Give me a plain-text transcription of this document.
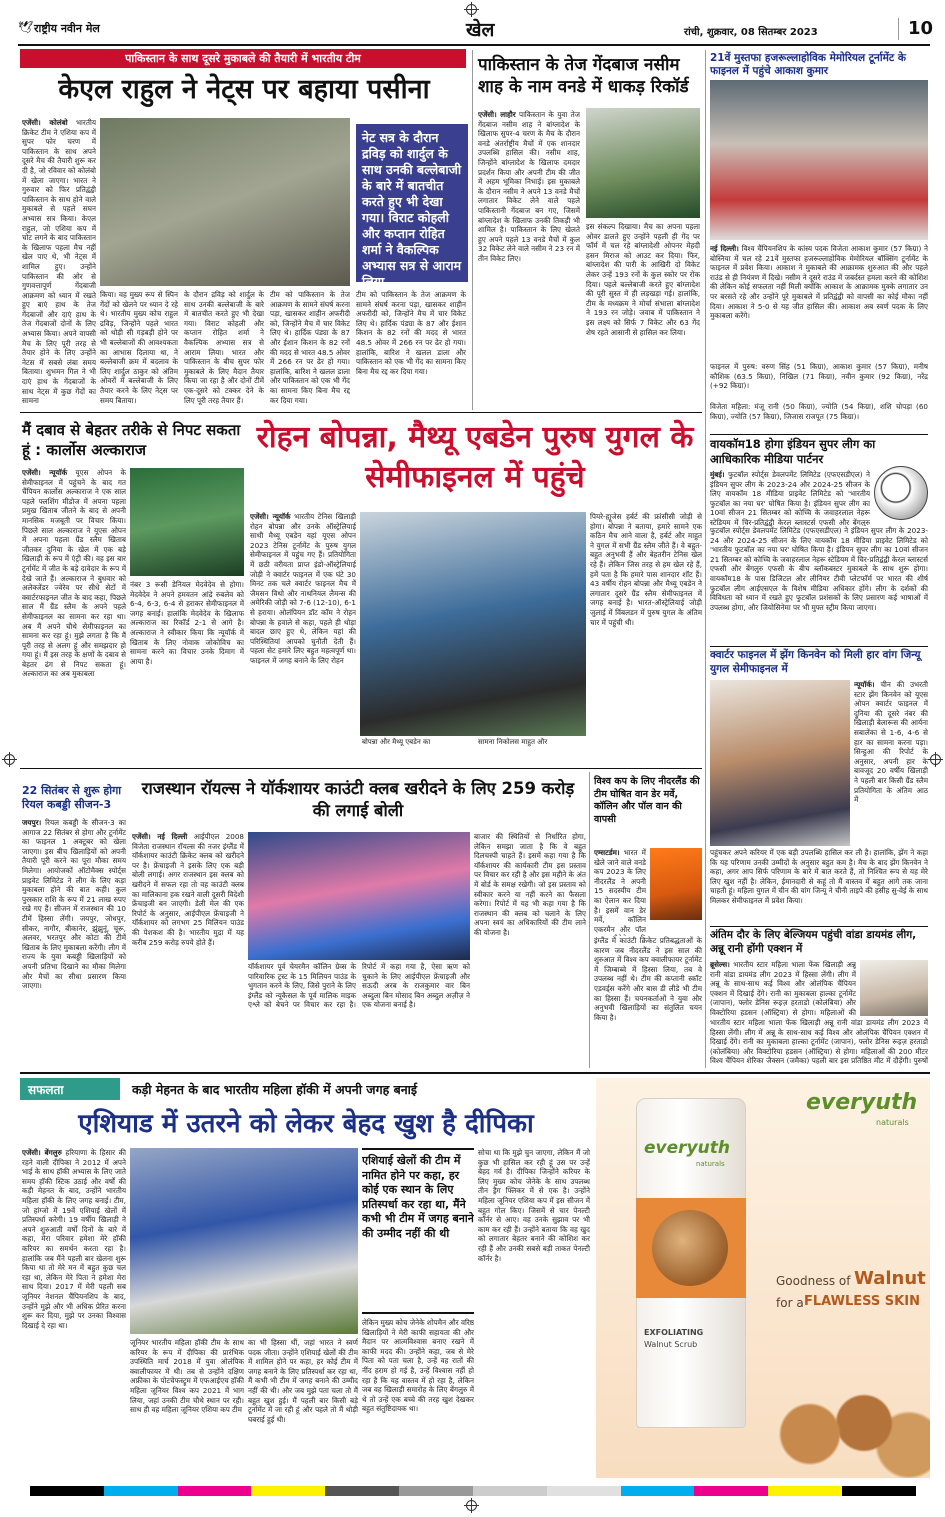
🕊 राष्ट्रीय नवीन मेल	खेल	रांची, शुक्रवार, 08 सितम्बर 2023	10
पाकिस्तान के साथ दूसरे मुकाबले की तैयारी में भारतीय टीम
केएल राहुल ने नेट्स पर बहाया पसीना
नेट सत्र के दौरान द्रविड़ को शार्दुल के साथ उनकी बल्लेबाजी के बारे में बातचीत करते हुए भी देखा गया। विराट कोहली और कप्तान रोहित शर्मा ने वैकल्पिक अभ्यास सत्र से आराम लिया
एजेंसी। कोलंबो भारतीय क्रिकेट टीम ने एशिया कप में सुपर फोर चरण में पाकिस्तान के साथ अपने दूसरे मैच की तैयारी शुरू कर दी है, जो रविवार को कोलंबो में खेला जाएगा। भारत ने गुरुवार को फिर प्रतिद्वंद्वी पाकिस्तान के साथ होने वाले मुकाबले से पहले सघन अभ्यास सत्र किया। केएल राहुल, जो एशिया कप में चोट लगने के बाद पाकिस्तान के खिलाफ पहला मैच नहीं खेल पाए थे, भी नेट्स में शामिल हुए। उन्होंने पाकिस्तान की ओर से गुणवत्तापूर्ण गेंदबाजी आक्रमण को ध्यान में रखते हुए बाएं हाथ के तेज गेंदबाजों और दाएं हाथ के तेज गेंदबाजों दोनों के लिए अभ्यास किया। अपने वापसी मैच के लिए पूरी तरह से तैयार होने के लिए उन्होंने नेटस में सबसे लंबा समय बिताया। शुभमन गिल ने भी दाएं हाथ के गेंदबाजों के साथ नेट्स में कुछ गेंदों का सामना
किया। वह मुख्य रूप से स्पिन गेंदों को खेलने पर ध्यान दे रहे थे। भारतीय मुख्य कोच राहुल द्रविड़, जिन्होंने पहले भारत को थोड़ी सी गड़बड़ी होने पर भी बल्लेबाजों की आवश्यकता का आभास दिलाया था, ने बल्लेबाजी क्रम में बदलाव के लिए शार्दुल ठाकुर को अंतिम ओवरों में बल्लेबाजी के लिए तैयार करने के लिए नेट्स पर समय बिताया।
के दौरान द्रविड़ को शार्दुल के साथ उनकी बल्लेबाजी के बारे में बातचीत करते हुए भी देखा गया। विराट कोहली और कप्तान रोहित शर्मा ने वैकल्पिक अभ्यास सत्र से आराम लिया। भारत और पाकिस्तान के बीच सुपर फोर मुकाबले के लिए मैदान तैयार किया जा रहा है और दोनों टीमें एक-दूसरे को टक्कर देने के लिए पूरी तरह तैयार हैं।
टीम को पाकिस्तान के तेज आक्रमण के सामने संघर्ष करना पड़ा, खासकर शाहीन अफरीदी को, जिन्होंने मैच में चार विकेट लिए थे। हार्दिक पंड्या के 87 और ईशान किशन के 82 रनों की मदद से भारत 48.5 ओवर में 266 रन पर ढेर हो गया। हालांकि, बारिश ने खलल डाला और पाकिस्तान को एक भी गेंद का सामना किए बिना मैच रद्द कर दिया गया।
टीम को पाकिस्तान के तेज आक्रमण के सामने संघर्ष करना पड़ा, खासकर शाहीन अफरीदी को, जिन्होंने मैच में चार विकेट लिए थे। हार्दिक पंड्या के 87 और ईशान किशन के 82 रनों की मदद से भारत 48.5 ओवर में 266 रन पर ढेर हो गया। हालांकि, बारिश ने खलल डाला और पाकिस्तान को एक भी गेंद का सामना किए बिना मैच रद्द कर दिया गया।
पाकिस्तान के तेज गेंदबाज नसीम शाह के नाम वनडे में धाकड़ रिकॉर्ड
एजेंसी। लाहौर पाकिस्तान के युवा तेज गेंदबाज नसीम शाह ने बांग्लादेश के खिलाफ सुपर-4 चरण के मैच के दौरान वनडे अंतर्राष्ट्रीय मैचों में एक शानदार उपलब्धि हासिल की। नसीम शाह, जिन्होंने बांग्लादेश के खिलाफ दमदार प्रदर्शन किया और अपनी टीम की जीत में अहम भूमिका निभाई। इस मुकाबले के दौरान नसीम ने अपने 13 वनडे मैचों लगातार विकेट लेने वाले पहले पाकिस्तानी गेंदबाज बन गए, जिसमें बांग्लादेश के खिलाफ उनकी तिकड़ी भी शामिल है। पाकिस्तान के लिए खेलते हुए अपने पहले 13 वनडे मैचों में कुल 32 विकेट लेने वाले नसीम ने 23 रन में तीन विकेट लिए।
इस संकल्प दिखाया। मैच का अपना पहला ओवर डालते हुए उन्होंने पहली ही गेंद पर फॉर्म में चल रहे बांग्लादेशी ओपनर मेहदी हसन मिराज को आउट कर दिया। फिर, बांग्लादेश की पारी के आखिरी दो विकेट लेकर उन्हें 193 रनों के कुल स्कोर पर रोक दिया। पहले बल्लेबाजी करते हुए बांग्लादेश की पूरी सुस्त में ही लड़खड़ा गई। हालांकि, टीम के मध्यक्रम ने मोर्चा संभाला बांग्लादेश ने 193 रन जोड़े। जवाब में पाकिस्तान ने इस लक्ष्य को सिर्फ 7 विकेट और 63 गेंद शेष रहते आसानी से हासिल कर लिया।
21वें मुस्तफा हजरूल्लाहोविक मेमोरियल टूर्नामेंट के फाइनल में पहुंचे आकाश कुमार
नई दिल्ली। विश्व चैंपियनशिप के कांस्य पदक विजेता आकाश कुमार (57 किग्रा) ने बोस्निया में चल रहे 21वें मुस्तफा हजरूल्लाहोविक मेमोरियल बॉक्सिंग टूर्नामेंट के फाइनल में प्रवेश किया। आकाश ने मुकाबले की आक्रामक शुरुआत की और पहले राउंड से ही नियंत्रण में दिखे। नसीम ने दूसरे राउंड में जबर्दस्त हमला करने की कोशिश की लेकिन कोई सफलता नहीं मिली क्योंकि आकाश के आक्रामक मुक्के लगातार उन पर बरसते रहे और उन्होंने पूरे मुकाबले में प्रतिद्वंद्वी को वापसी का कोई मौका नहीं दिया। आकाश ने 5-0 से यह जीत हासिल की। आकाश अब स्वर्ण पदक के लिए मुकाबला करेंगे।
फाइनल में पुरुष: वरुण सिंह (51 किग्रा), आकाश कुमार (57 किग्रा), मनीष कौशिक (63.5 किग्रा), निखिल (71 किग्रा), नवीन कुमार (92 किग्रा), नरेंद्र (+92 किग्रा)।
विजेता महिला: मंजू रानी (50 किग्रा), ज्योति (54 किग्रा), शशि चोपड़ा (60 किग्रा), ज्योति (57 किग्रा), जिजास राजपूत (75 किग्रा)।
वायकॉम18 होगा इंडियन सुपर लीग का आधिकारिक मीडिया पार्टनर
मुंबई। फुटबॉल स्पोर्ट्स डेवलपमेंट लिमिटेड (एफएसडीएल) ने इंडियन सुपर लीग के 2023-24 और 2024-25 सीजन के लिए वायकॉम 18 मीडिया प्राइवेट लिमिटेड को 'भारतीय फुटबॉल का नया घर' घोषित किया है। इंडियन सुपर लीग का 10वां सीजन 21 सितम्बर को कोच्चि के जवाहरलाल नेहरू स्टेडियम में चिर-प्रतिद्वंद्वी केरल ब्लास्टर्स एफसी और बेंगलुरु
फुटबॉल स्पोर्ट्स डेवलपमेंट लिमिटेड (एफएसडीएल) ने इंडियन सुपर लीग के 2023-24 और 2024-25 सीजन के लिए वायकॉम 18 मीडिया प्राइवेट लिमिटेड को 'भारतीय फुटबॉल का नया घर' घोषित किया है। इंडियन सुपर लीग का 10वां सीजन 21 सितम्बर को कोच्चि के जवाहरलाल नेहरू स्टेडियम में चिर-प्रतिद्वंद्वी केरल ब्लास्टर्स एफसी और बेंगलुरु एफसी के बीच ब्लॉकबस्टर मुकाबले के साथ शुरू होगा। वायकॉम18 के पास डिजिटल और लीनियर टीवी प्लेटफॉर्म पर भारत की शीर्ष फुटबॉल लीग आईएसएल के विशेष मीडिया अधिकार होंगे। लीग के दर्शकों की विविधता को ध्यान में रखते हुए फुटबॉल प्रशंसकों के लिए प्रसारण कई भाषाओं में उपलब्ध होगा, और जियोसिनेमा पर भी मुफ्त स्ट्रीम किया जाएगा।
क्वार्टर फाइनल में झेंग किनवेन को मिली हार वांग जिन्यू युगल सेमीफाइनल में
न्यूयॉर्क। चीन की उभरती स्टार झेंग किनवेन को यूएस ओपन क्वार्टर फाइनल में दुनिया की दूसरे नंबर की खिलाड़ी बेलारूस की आर्यना सबालेंका से 1-6, 4-6 से हार का सामना करना पड़ा। सिन्हुआ की रिपोर्ट के अनुसार, अपनी हार के बावजूद 20 वर्षीय खिलाड़ी ने पहली बार किसी ग्रैंड स्लैम प्रतियोगिता के अंतिम आठ में
पहुंचकर अपने करियर में एक बड़ी उपलब्धि हासिल कर ली है। हालांकि, झेंग ने कहा कि यह परिणाम उनकी उम्मीदों के अनुसार बहुत कम है। मैच के बाद झेंग किनवेन ने कहा, अगर आप सिर्फ परिणाम के बारे में बात करते हैं, तो निश्चित रूप से यह मेरे लिए खुश नहीं है। लेकिन, ईमानदारी से कहूं तो मैं वास्तव में बहुत आगे तक जाना चाहती हूं। महिला युगल में चीन की वांग जिन्यू ने चीनी ताइपे की हसीह सु-वेई के साथ मिलकर सेमीफाइनल में प्रवेश किया।
अंतिम दौर के लिए बेल्जियम पहुंची वांडा डायमंड लीग, अन्नू रानी होंगी एक्शन में
ब्रूसेल्स। भारतीय स्टार महिला भाला फेंक खिलाड़ी अन्नू रानी वांडा डायमंड लीग 2023 में हिस्सा लेंगी। लीग में अन्नू के साथ-साथ कई विश्व और ओलंपिक चैंपियन एक्शन में दिखाई देंगे। रानी का मुकाबला हाल्का टूर्नामेंट (जापान), फ्लोर डेनिस रूइज़ हरताडो (कोलंबिया) और विक्टोरिया हडसन (ऑस्ट्रिया) से होगा। महिलाओं की
भारतीय स्टार महिला भाला फेंक खिलाड़ी अन्नू रानी वांडा डायमंड लीग 2023 में हिस्सा लेंगी। लीग में अन्नू के साथ-साथ कई विश्व और ओलंपिक चैंपियन एक्शन में दिखाई देंगे। रानी का मुकाबला हाल्का टूर्नामेंट (जापान), फ्लोर डेनिस रूइज़ हरताडो (कोलंबिया) और विक्टोरिया हडसन (ऑस्ट्रिया) से होगा। महिलाओं की 200 मीटर विश्व चैंपियन शेरिका जैक्सन (जमैका) पहली बार इस प्रतिष्ठित मीट में दौड़ेंगी। पुरुषों
मैं दबाव से बेहतर तरीके से निपट सकता हूं : कार्लोस अल्काराज
एजेंसी। न्यूयॉर्क यूएस ओपन के सेमीफाइनल में पहुंचने के बाद गत चैंपियन कार्लोस अल्काराज ने एक साल पहले फ्लशिंग मीडोज में अपना पहला प्रमुख खिताब जीतने के बाद से अपनी मानसिक मजबूती पर विचार किया। पिछले साल अल्काराज ने यूएस ओपन में अपना पहला ग्रैंड स्लैम खिताब जीतकर दुनिया के खेल में एक बड़े खिलाड़ी के रूप में एंट्री की। वह इस बार टूर्नामेंट में जीत के बड़े दावेदार के रूप में देखे जाते हैं। अल्काराज ने बुधवार को अलेक्जेंडर ज्वेरेव पर सीधे सेटों में क्वार्टरफाइनल जीत के बाद कहा, पिछले साल मैं ग्रैंड स्लैम के अपने पहले सेमीफाइनल का सामना कर रहा था। अब मैं अपने चौथे सेमीफाइनल का सामना कर रहा हूं। मुझे लगता है कि मैं पूरी तरह से अलग हूं और समझदार हो गया हूं। मैं इस तरह के क्षणों के दबाव से बेहतर ढंग से निपट सकता हूं। अल्काराज का अब मुकाबला
नंबर 3 रूसी डेनियल मेदवेदेव से होगा। मेदवेदेव ने अपने हमवतन आंद्रे रुबलेव को 6-4, 6-3, 6-4 से हराकर सेमीफाइनल में जगह बनाई। हालांकि मेदवेदेव के खिलाफ अल्काराज का रिकॉर्ड 2-1 से आगे है। अल्काराज ने स्वीकार किया कि न्यूयॉर्क में खिताब के लिए नोवाक जोकोविच का सामना करने का विचार उनके दिमाग में आया है।
रोहन बोपन्ना, मैथ्यू एबडेन पुरुष युगल के सेमीफाइनल में पहुंचे
एजेंसी। न्यूयॉर्क भारतीय टेनिस खिलाड़ी रोहन बोपन्ना और उनके ऑस्ट्रेलियाई साथी मैथ्यू एबडेन यहां यूएस ओपन 2023 टेनिस टूर्नामेंट के पुरुष युगल सेमीफाइनल में पहुंच गए हैं। प्रतियोगिता में छठी वरीयता प्राप्त इंडो-ऑस्ट्रेलियाई जोड़ी ने क्वार्टर फाइनल में एक घंटे 30 मिनट तक चले क्वार्टर फाइनल मैच में जैमसन विथो और नाथनियल लैमन्स की अमेरिकी जोड़ी को 7-6 (12-10), 6-1 से हराया। ओलंपियन डॉट कॉम ने रोहन बोपन्ना के हवाले से कहा, पहले ही थोड़ा बादल छाए हुए थे, लेकिन यहां की परिस्थितियां आपको चुनौती देती हैं। पहला सेट हमारे लिए बहुत महत्वपूर्ण था। फाइनल में जगह बनाने के लिए रोहन
बोपन्ना और मैथ्यू एबडेन का	सामना निकोलस माहुत और
पियरे-ह्यूजेस हर्बर्ट की फ्रांसीसी जोड़ी से होगा। बोपन्ना ने बताया, हमारे सामने एक कठिन मैच आने वाला है, हर्बर्ट और माहुत ने युगल में सभी ग्रैंड स्लैम जीते हैं। वे बहुत-बहुत अनुभवी हैं और बेहतरीन टेनिस खेल रहे हैं। लेकिन जिस तरह से हम खेल रहे हैं, हमें पता है कि हमारे पास शानदार शॉट हैं। 43 वर्षीय रोहन बोपन्ना और मैथ्यू एबडेन ने लगातार दूसरे ग्रैंड स्लैम सेमीफाइनल में जगह बनाई है। भारत-ऑस्ट्रेलियाई जोड़ी जुलाई में विंबलडन में पुरुष युगल के अंतिम चार में पहुंची थी।
22 सितंबर से शुरू होगा रियल कबड्डी सीजन-3
जयपुर। रियल कबड्डी के सीजन-3 का आगाज 22 सितंबर से होगा और टूर्नामेंट का फाइनल 1 अक्टूबर को खेला जाएगा। इस बीच खिलाड़ियों को अपनी तैयारी पूरी करने का पूरा मौका समय मिलेगा। आयोजकों ऑटोमैक्स स्पोर्ट्स प्राइवेट लिमिटेड ने लीग के लिए कड़ा मुकाबला होने की बात कही। कुल पुरस्कार राशि के रूप में 21 लाख रुपए रखे गए हैं। सीजन में राजस्थान की 10 टीमें हिस्सा लेंगी। जयपुर, जोधपुर, सीकर, नागौर, बीकानेर, झुंझुनूं, चूरू, अलवर, भरतपुर और कोटा की टीमें खिताब के लिए मुकाबला करेंगी। लीग में राज्य के युवा कबड्डी खिलाड़ियों को अपनी प्रतिभा दिखाने का मौका मिलेगा और मैचों का सीधा प्रसारण किया जाएगा।
राजस्थान रॉयल्स ने यॉर्कशायर काउंटी क्लब खरीदने के लिए 259 करोड़ की लगाई बोली
एजेंसी। नई दिल्ली आईपीएल 2008 विजेता राजस्थान रॉयल्स की नजर इंग्लैंड में यॉर्कशायर काउंटी क्रिकेट क्लब को खरीदने पर है। फ्रेंचाइजी ने इसके लिए एक बड़ी बोली लगाई। अगर राजस्थान इस क्लब को खरीदने में सफल रहा तो वह काउंटी क्लब का मालिकाना हक रखने वाली दूसरी विदेशी फ्रेंचाइजी बन जाएगी। डेली मेल की एक रिपोर्ट के अनुसार, आईपीएल फ्रेंचाइजी ने यॉर्कशायर को लगभग 25 मिलियन पाउंड की पेशकश की है। भारतीय मुद्रा में यह करीब 259 करोड़ रुपये होते हैं।
यॉर्कशायर पूर्व चेयरमैन कॉलिन ग्रेव्स के पारिवारिक ट्रस्ट के 15 मिलियन पाउंड के भुगतान करने के लिए, जिसे पुराने के लिए इंग्लैंड को न्यूकैसल के पूर्व मालिक माइक एश्ले को बेचने पर विचार कर रहा है। रिपोर्ट में कहा गया है, ऐसा ऋण को चुकाने के लिए आईपीएल फ्रेंचाइजी और सऊदी अरब के राजकुमार वार बिन अब्दुला बिन मोसाद बिन अब्दुल अज़ीज़ ने एक योजना बनाई है।
बाजार की स्थितियों से निर्धारित होगा, लेकिन समझा जाता है कि वे बहुत दिलचस्पी चाहते हैं। इसमें कहा गया है कि यॉर्कशायर की कार्यकारी टीम इस प्रस्ताव पर विचार कर रही है और इस महीने के अंत में बोर्ड के समक्ष रखेगी। जो इस प्रस्ताव को स्वीकार करने या नहीं करने का फैसला करेगा। रिपोर्ट में यह भी कहा गया है कि राजस्थान की क्लब को चलाने के लिए अपना स्वयं का अधिकारियों की टीम लाने की योजना है।
विश्व कप के लिए नीदरलैंड की टीम घोषित वान डेर मर्वे, कॉलिन और पॉल वान की वापसी
एम्सटर्डम। भारत में खेले जाने वाले वनडे कप 2023 के लिए नीदरलैंड ने अपनी 15 सदस्यीय टीम का ऐलान कर दिया है। इसमें वान डेर मर्वे, कॉलिन एकरमैन और पॉल
इंग्लैंड में काउंटी क्रिकेट प्रतिबद्धताओं के कारण जब नीदरलैंड ने इस साल की शुरुआत में विश्व कप क्वालीफायर टूर्नामेंट में जिम्बाब्वे में हिस्सा लिया, तब वे उपलब्ध नहीं थे। टीम की कप्तानी स्कॉट एडवर्ड्स करेंगे और बास डी लीडे भी टीम का हिस्सा हैं। चयनकर्ताओं ने युवा और अनुभवी खिलाड़ियों का संतुलित चयन किया है।
सफलता	कड़ी मेहनत के बाद भारतीय महिला हॉकी में अपनी जगह बनाई
एशियाड में उतरने को लेकर बेहद खुश है दीपिका
एजेंसी। बेंगलुरु हरियाणा के हिसार की रहने वाली दीपिका ने 2012 में अपने भाई के साथ हॉकी अभ्यास के लिए जाते समय हॉकी स्टिक उठाई और वर्षों की कड़ी मेहनत के बाद, उन्होंने भारतीय महिला हॉकी के लिए जगह बनाई। टीम, जो हांग्जो में 19वें एशियाई खेलों में प्रतिस्पर्धा करेगी। 19 वर्षीय खिलाड़ी ने अपने शुरुआती वर्षों दिनों के बारे में कहा, मेरा परिवार हमेशा मेरे हॉकी करियर का समर्थन करता रहा है। हालांकि जब मैंने पहली बार खेलना शुरू किया था तो मेरे मन में बहुत कुछ चल रहा था, लेकिन मेरे पिता ने हमेशा मेरा साथ दिया। 2017 में मेरी पहली सब जूनियर नेशनल चैंपियनशिप के बाद, उन्होंने मुझे और भी अधिक प्रेरित करना शुरू कर दिया, मुझे पर उनका विश्वास दिखाई दे रहा था।
जूनियर भारतीय महिला हॉकी टीम के साथ करियर के रूप में दीपिका की प्रारंभिक उपस्थिति मार्च 2018 में युवा ओलंपिक क्वालीफायर में थी। तब से उन्होंने दक्षिण अफ्रीका के पोटचेफस्ट्रूम में एफआईएच हॉकी महिला जूनियर विश्व कप 2021 में भाग लिया, जहां उनकी टीम चौथे स्थान पर रही। साथ ही वह महिला जूनियर एशिया कप टीम
का भी हिस्सा थीं, जहां भारत ने स्वर्ण पदक जीता। उन्होंने एशियाई खेलों की टीम में शामिल होने पर कहा, हर कोई टीम में जगह बनाने के लिए प्रतिस्पर्धा कर रहा था, मैं कभी भी टीम में जगह बनाने की उम्मीद नहीं की थी। और जब मुझे पता चला तो मैं बहुत खुश हुई। मैं पहली बार किसी बड़े टूर्नामेंट में जा रही हूं और पहले तो मैं थोड़ी घबराई हुई थी।
एशियाई खेलों की टीम में नामित होने पर कहा, हर कोई एक स्थान के लिए प्रतिस्पर्धा कर रहा था, मैंने कभी भी टीम में जगह बनाने की उम्मीद नहीं की थी
लेकिन मुख्य कोच जेनेके शोपमैन और वरिष्ठ खिलाड़ियों ने मेरी काफी सहायता की और मैदान पर आत्मविश्वास बनाए रखने में काफी मदद की। उन्होंने कहा, जब से मेरे पिता को पता चला है, उन्हें वह रातों की नींद हराम हो गई है, उन्हें विश्वास नहीं हो रहा है कि यह वास्तव में हो रहा है, लेकिन जब वह खिलाड़ी समारोह के लिए बेंगलुरु में थे तो उन्हें एक बच्चे की तरह खुश देखकर बहुत संतुष्टिदायक था।
सोचा था कि मुझे चुन जाएगा, लेकिन मैं जो कुछ भी हासिल कर रही हूं उस पर उन्हें बेहद गर्व है। दीपिका जिन्होंने करियर के लिए मुख्य कोच जेनेके के साथ उपलब्ध तीन ड्रैग फ्लिकर में से एक है। उन्होंने महिला जूनियर एशिया कप में इस सीजन में बहुत गोल किए। जिसमें से चार पेनल्टी कॉर्नर से आए। वह उनके सुझाव पर भी काम कर रही हैं। उन्होंने बताया कि वह खुद को लगातार बेहतर बनाने की कोशिश कर रही हैं और उनकी सबसे बड़ी ताकत पेनल्टी कॉर्नर है।
everyuth
naturals
everyuth
naturals
EXFOLIATING
Walnut Scrub
Goodness of Walnut
for a FLAWLESS SKIN
